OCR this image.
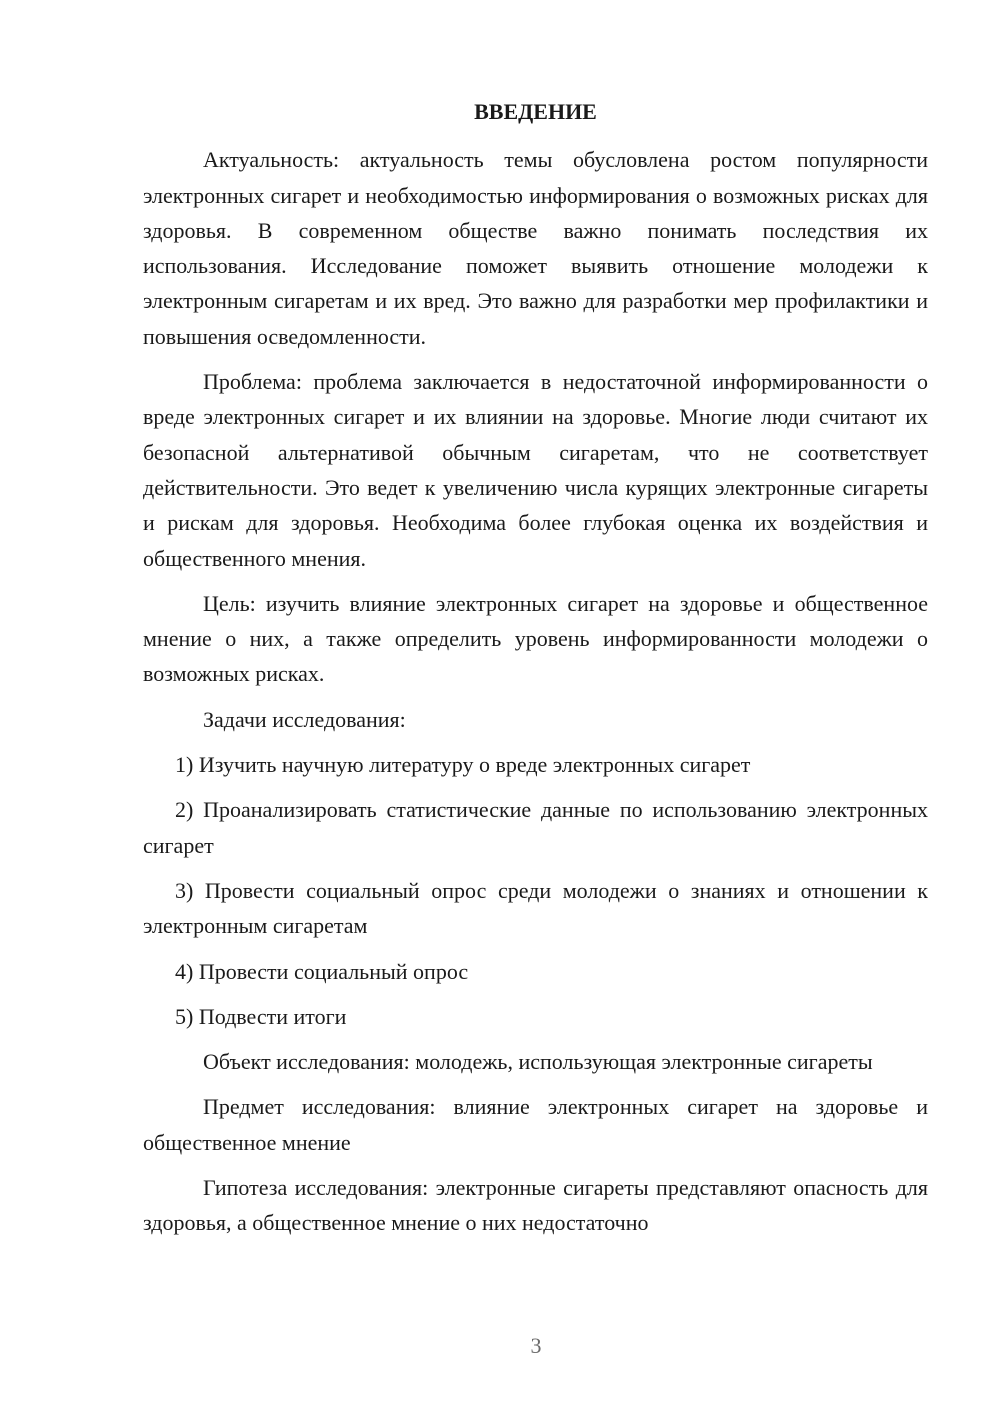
ВВЕДЕНИЕ

Актуальность: актуальность темы обусловлена ростом популярности электронных сигарет и необходимостью информирования о возможных рисках для здоровья. В современном обществе важно понимать последствия их использования. Исследование поможет выявить отношение молодежи к электронным сигаретам и их вред. Это важно для разработки мер профилактики и повышения осведомленности.

Проблема: проблема заключается в недостаточной информированности о вреде электронных сигарет и их влиянии на здоровье. Многие люди считают их безопасной альтернативой обычным сигаретам, что не соответствует действительности. Это ведет к увеличению числа курящих электронные сигареты и рискам для здоровья. Необходима более глубокая оценка их воздействия и общественного мнения.

Цель: изучить влияние электронных сигарет на здоровье и общественное мнение о них, а также определить уровень информированности молодежи о возможных рисках.

Задачи исследования:

1) Изучить научную литературу о вреде электронных сигарет

2) Проанализировать статистические данные по использованию электронных сигарет

3) Провести социальный опрос среди молодежи о знаниях и отношении к электронным сигаретам

4) Провести социальный опрос

5) Подвести итоги

Объект исследования: молодежь, использующая электронные сигареты

Предмет исследования: влияние электронных сигарет на здоровье и общественное мнение

Гипотеза исследования: электронные сигареты представляют опасность для здоровья, а общественное мнение о них недостаточно

3
